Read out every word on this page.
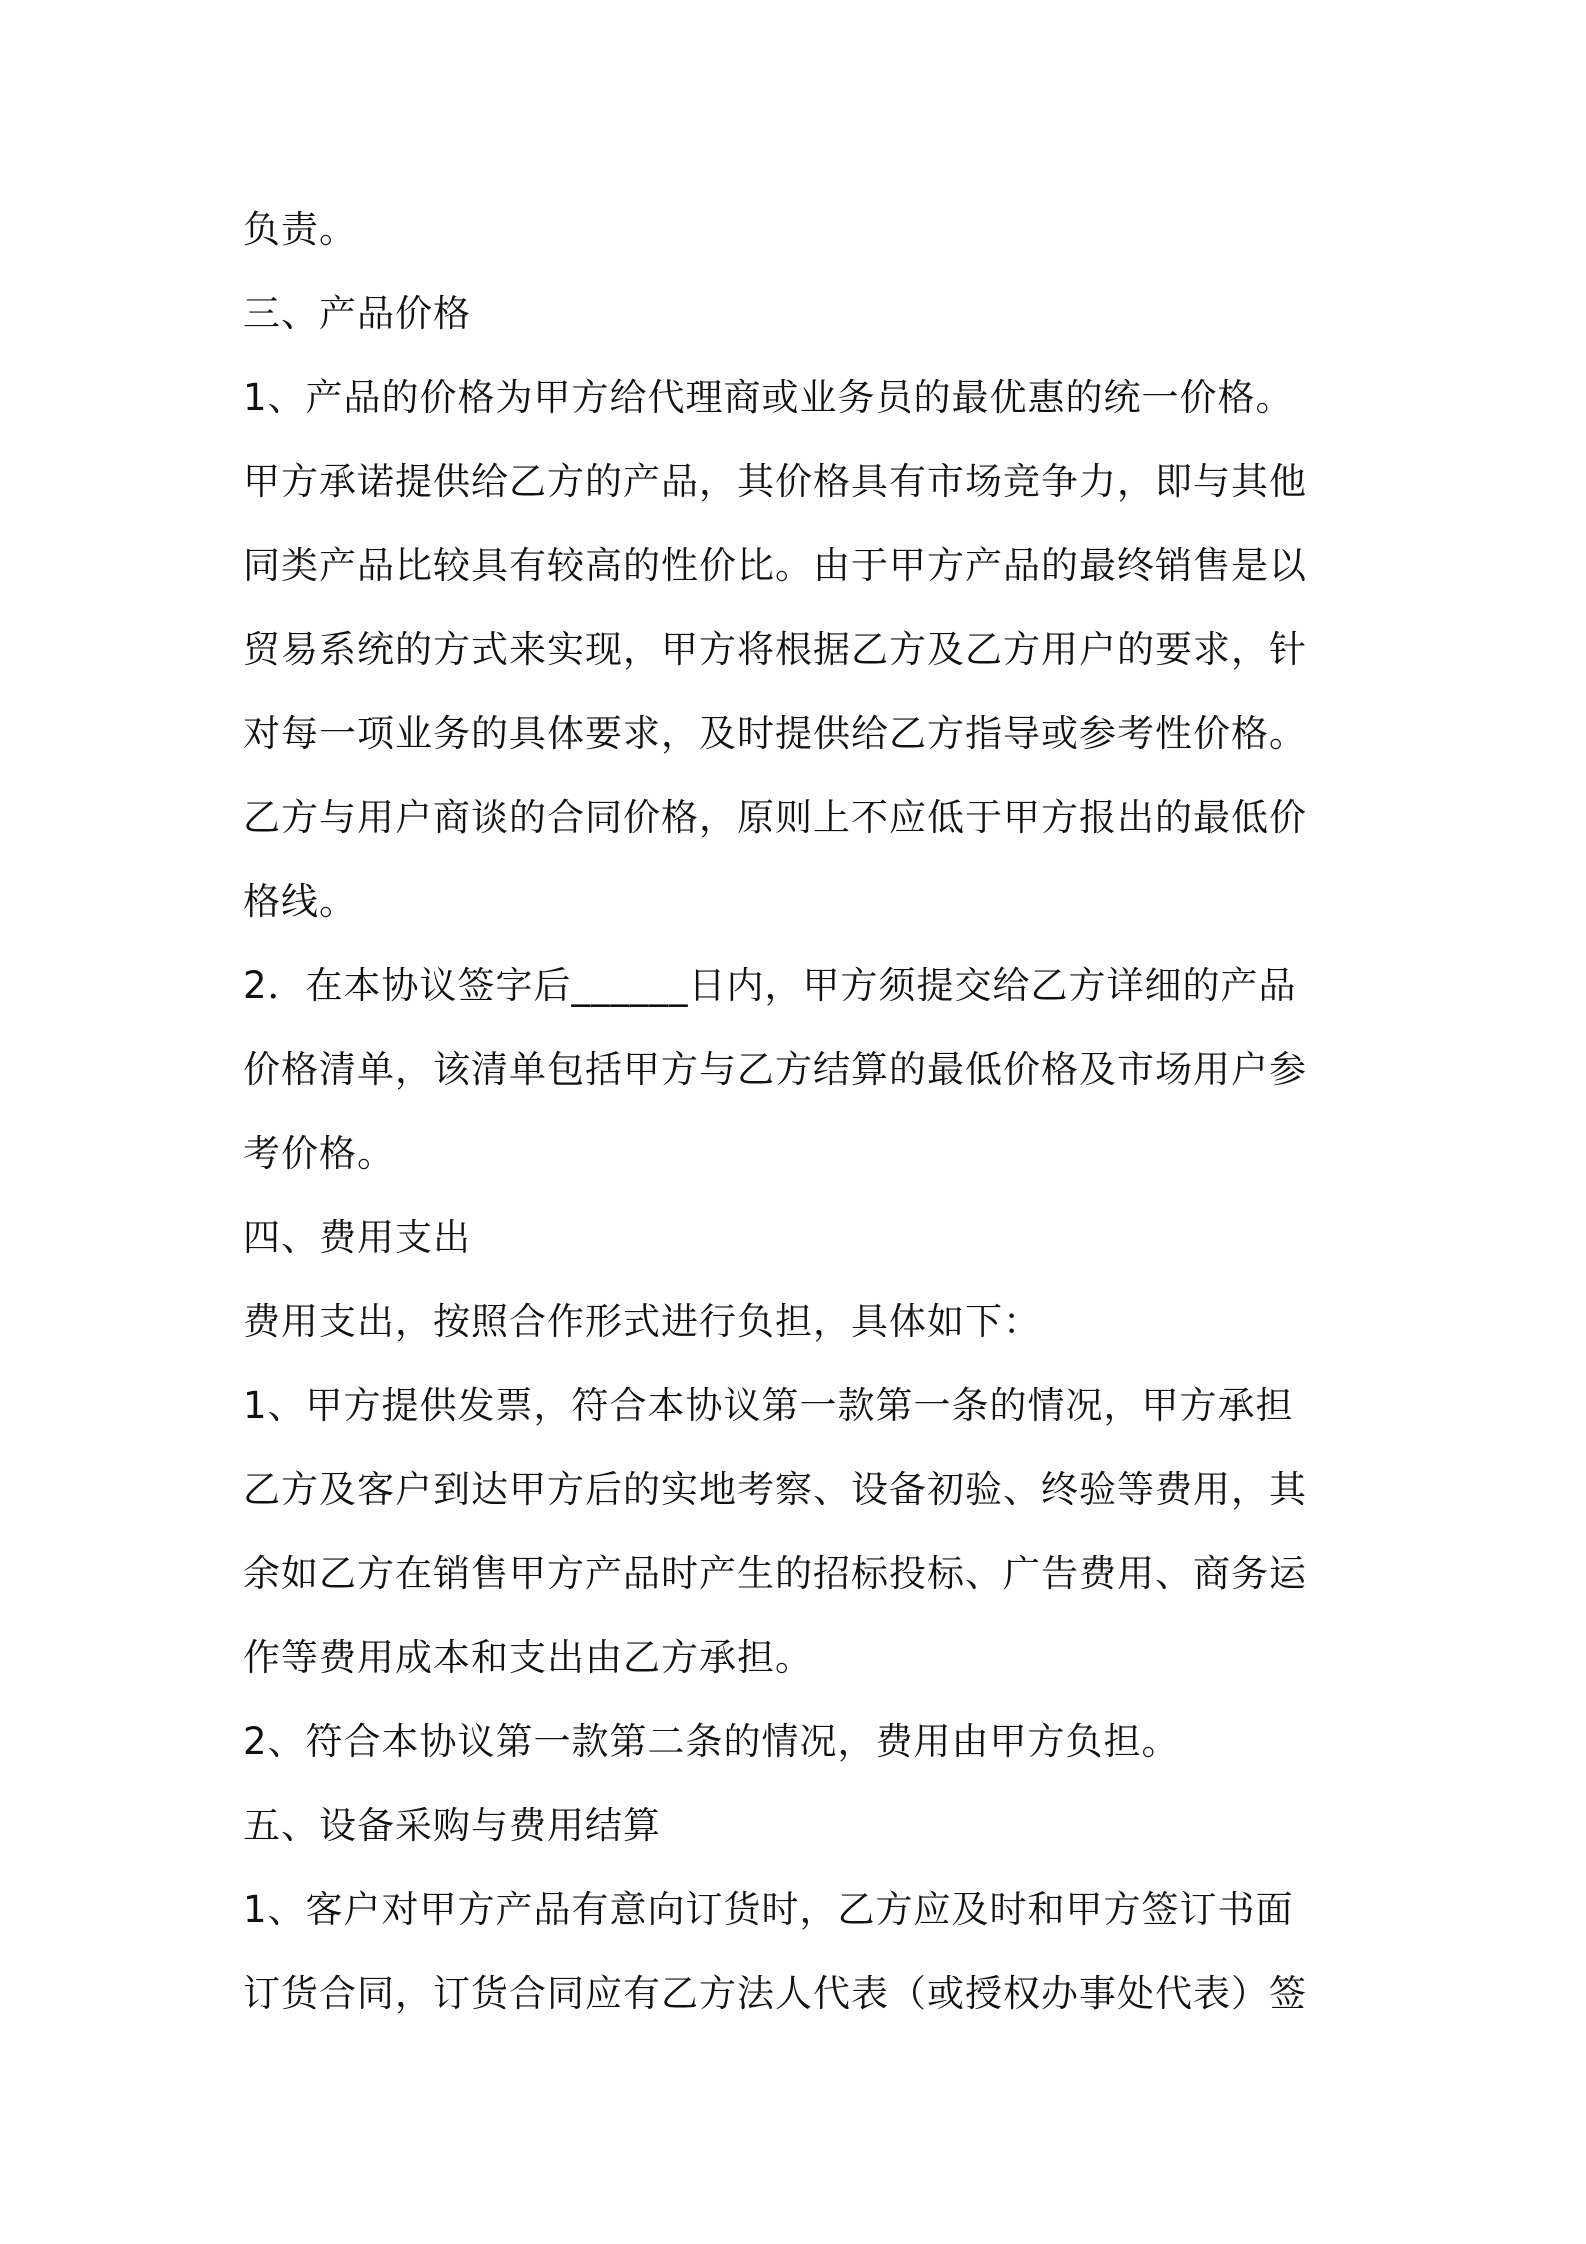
负责。
三、产品价格
1、产品的价格为甲方给代理商或业务员的最优惠的统一价格。
甲方承诺提供给乙方的产品，其价格具有市场竞争力，即与其他
同类产品比较具有较高的性价比。由于甲方产品的最终销售是以
贸易系统的方式来实现，甲方将根据乙方及乙方用户的要求，针
对每一项业务的具体要求，及时提供给乙方指导或参考性价格。
乙方与用户商谈的合同价格，原则上不应低于甲方报出的最低价
格线。
2．在本协议签字后______日内，甲方须提交给乙方详细的产品
价格清单，该清单包括甲方与乙方结算的最低价格及市场用户参
考价格。
四、费用支出
费用支出，按照合作形式进行负担，具体如下：
1、甲方提供发票，符合本协议第一款第一条的情况，甲方承担
乙方及客户到达甲方后的实地考察、设备初验、终验等费用，其
余如乙方在销售甲方产品时产生的招标投标、广告费用、商务运
作等费用成本和支出由乙方承担。
2、符合本协议第一款第二条的情况，费用由甲方负担。
五、设备采购与费用结算
1、客户对甲方产品有意向订货时，乙方应及时和甲方签订书面
订货合同，订货合同应有乙方法人代表（或授权办事处代表）签
